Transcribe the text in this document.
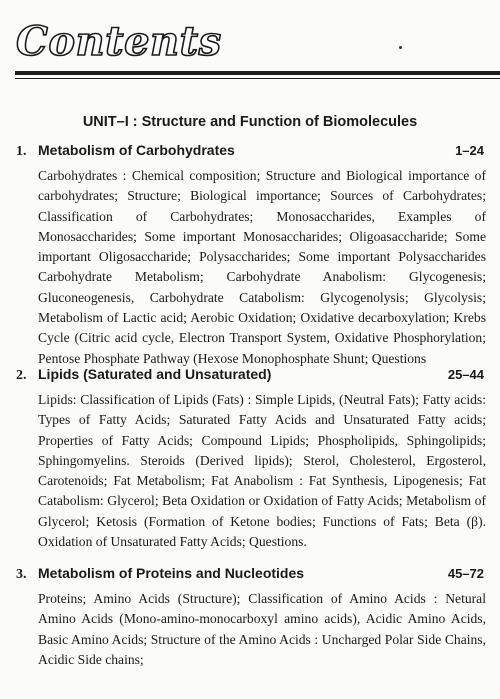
Contents
UNIT–I : Structure and Function of Biomolecules
1. Metabolism of Carbohydrates	1–24
Carbohydrates : Chemical composition; Structure and Biological importance of carbohydrates; Structure; Biological importance; Sources of Carbohydrates; Classification of Carbohydrates; Monosaccharides, Examples of Monosaccharides; Some important Monosaccharides; Oligoasaccharide; Some important Oligosaccharide; Polysaccharides; Some important Polysaccharides Carbohydrate Metabolism; Carbohydrate Anabolism: Glycogenesis; Gluconeogenesis, Carbohydrate Catabolism: Glycogenolysis; Glycolysis; Metabolism of Lactic acid; Aerobic Oxidation; Oxidative decarboxylation; Krebs Cycle (Citric acid cycle, Electron Transport System, Oxidative Phosphorylation; Pentose Phosphate Pathway (Hexose Monophosphate Shunt; Questions
2. Lipids (Saturated and Unsaturated)	25–44
Lipids: Classification of Lipids (Fats) : Simple Lipids, (Neutral Fats); Fatty acids: Types of Fatty Acids; Saturated Fatty Acids and Unsaturated Fatty acids; Properties of Fatty Acids; Compound Lipids; Phospholipids, Sphingolipids; Sphingomyelins. Steroids (Derived lipids); Sterol, Cholesterol, Ergosterol, Carotenoids; Fat Metabolism; Fat Anabolism : Fat Synthesis, Lipogenesis; Fat Catabolism: Glycerol; Beta Oxidation or Oxidation of Fatty Acids; Metabolism of Glycerol; Ketosis (Formation of Ketone bodies; Functions of Fats; Beta (β). Oxidation of Unsaturated Fatty Acids; Questions.
3. Metabolism of Proteins and Nucleotides	45–72
Proteins; Amino Acids (Structure); Classification of Amino Acids : Netural Amino Acids (Mono-amino-monocarboxyl amino acids), Acidic Amino Acids, Basic Amino Acids; Structure of the Amino Acids : Uncharged Polar Side Chains, Acidic Side chains;
